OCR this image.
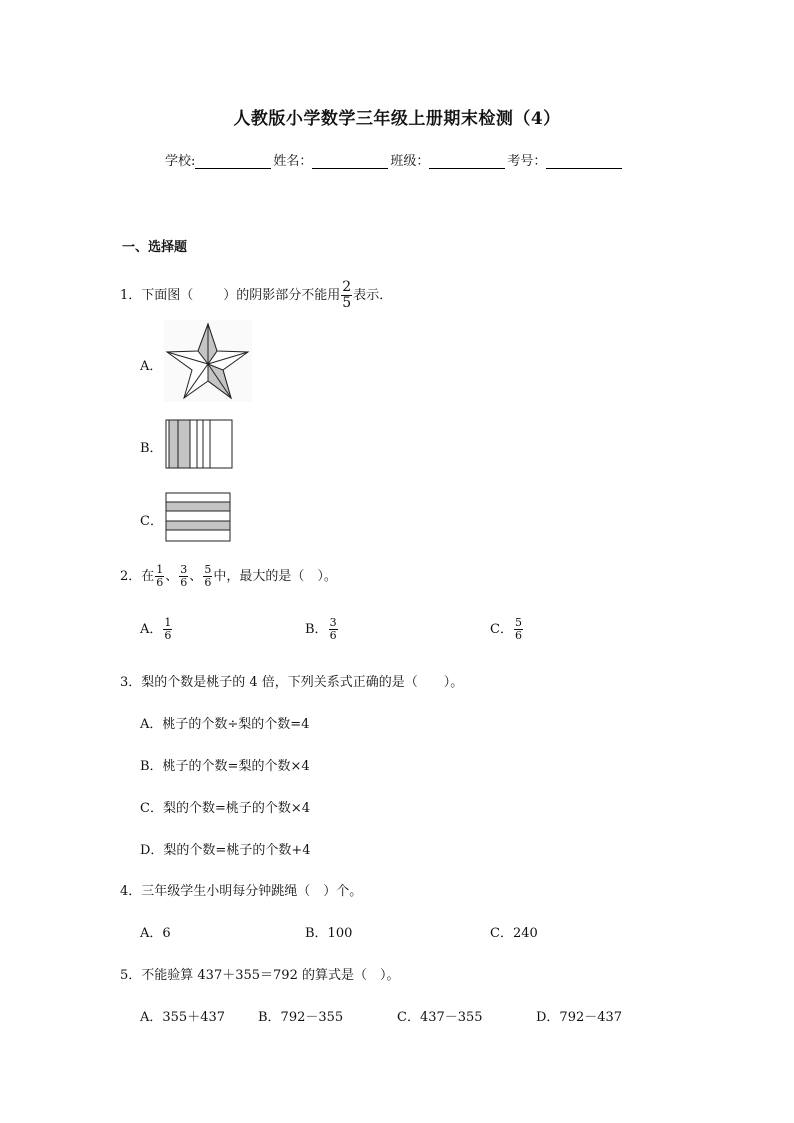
人教版小学数学三年级上册期末检测（4）
学校:	姓名：	班级：	考号：
一、选择题
1．下面图（ ）的阴影部分不能用 $\frac{2}{5}$ 表示．
A．
B．
C．
2．在 $\frac{1}{6}$ 、 $\frac{3}{6}$ 、 $\frac{5}{6}$ 中，最大的是（　）。
A． $\frac{1}{6}$	B． $\frac{3}{6}$	C． $\frac{5}{6}$
3．梨的个数是桃子的 4 倍，下列关系式正确的是（　　）。
A．桃子的个数÷梨的个数=4
B．桃子的个数=梨的个数×4
C．梨的个数=桃子的个数×4
D．梨的个数=桃子的个数+4
4．三年级学生小明每分钟跳绳（　）个。
A．6	B．100	C．240
5．不能验算 437＋355＝792 的算式是（　）。
A．355＋437	B．792－355	C．437－355	D．792－437
